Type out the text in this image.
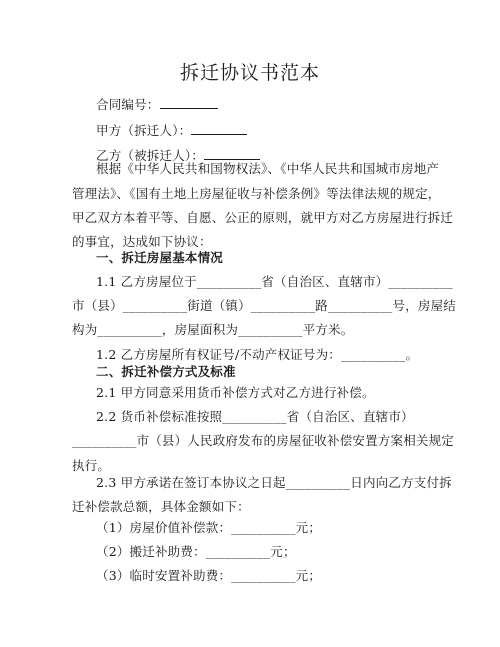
拆迁协议书范本
合同编号：
甲方（拆迁人）：
乙方（被拆迁人）：
根据《中华人民共和国物权法》、《中华人民共和国城市房地产
管理法》、《国有土地上房屋征收与补偿条例》等法律法规的规定，
甲乙双方本着平等、自愿、公正的原则，就甲方对乙方房屋进行拆迁
的事宜，达成如下协议：
一、拆迁房屋基本情况
1.1 乙方房屋位于__________省（自治区、直辖市）__________
市（县）__________街道（镇）__________路__________号，房屋结
构为__________，房屋面积为__________平方米。
1.2 乙方房屋所有权证号/不动产权证号为：__________。
二、拆迁补偿方式及标准
2.1 甲方同意采用货币补偿方式对乙方进行补偿。
2.2 货币补偿标准按照__________省（自治区、直辖市）
__________市（县）人民政府发布的房屋征收补偿安置方案相关规定
执行。
2.3 甲方承诺在签订本协议之日起__________日内向乙方支付拆
迁补偿款总额，具体金额如下：
（1）房屋价值补偿款：__________元；
（2）搬迁补助费：__________元；
（3）临时安置补助费：__________元；
